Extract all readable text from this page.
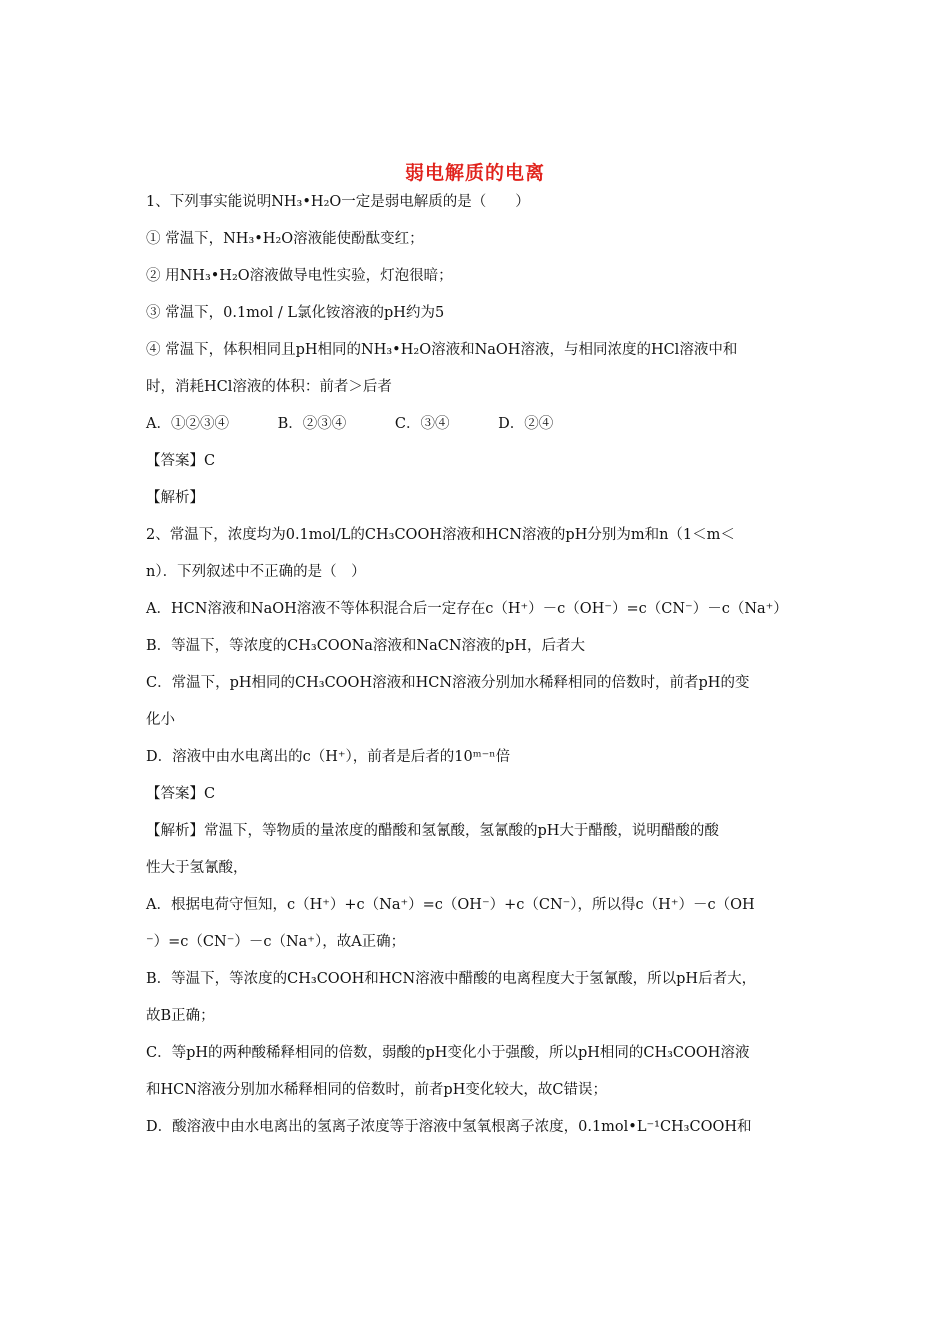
弱电解质的电离
1、下列事实能说明NH₃•H₂O一定是弱电解质的是（　　）
① 常温下，NH₃•H₂O溶液能使酚酞变红；
② 用NH₃•H₂O溶液做导电性实验，灯泡很暗；
③ 常温下，0.1mol / L氯化铵溶液的pH约为5
④ 常温下，体积相同且pH相同的NH₃•H₂O溶液和NaOH溶液，与相同浓度的HCl溶液中和
时，消耗HCl溶液的体积：前者＞后者
A．①②③④	B．②③④	C．③④	D．②④
【答案】C
【解析】
2、常温下，浓度均为0.1mol/L的CH₃COOH溶液和HCN溶液的pH分别为m和n（1＜m＜
n）．下列叙述中不正确的是（　）
A．HCN溶液和NaOH溶液不等体积混合后一定存在c（H⁺）－c（OH⁻）=c（CN⁻）－c（Na⁺）
B．等温下，等浓度的CH₃COONa溶液和NaCN溶液的pH，后者大
C．常温下，pH相同的CH₃COOH溶液和HCN溶液分别加水稀释相同的倍数时，前者pH的变
化小
D．溶液中由水电离出的c（H⁺），前者是后者的10ᵐ⁻ⁿ倍
【答案】C
【解析】常温下，等物质的量浓度的醋酸和氢氰酸，氢氰酸的pH大于醋酸，说明醋酸的酸
性大于氢氰酸，
A．根据电荷守恒知，c（H⁺）+c（Na⁺）=c（OH⁻）+c（CN⁻），所以得c（H⁺）－c（OH
⁻）=c（CN⁻）－c（Na⁺），故A正确；
B．等温下，等浓度的CH₃COOH和HCN溶液中醋酸的电离程度大于氢氰酸，所以pH后者大，
故B正确；
C．等pH的两种酸稀释相同的倍数，弱酸的pH变化小于强酸，所以pH相同的CH₃COOH溶液
和HCN溶液分别加水稀释相同的倍数时，前者pH变化较大，故C错误；
D．酸溶液中由水电离出的氢离子浓度等于溶液中氢氧根离子浓度，0.1mol•L⁻¹CH₃COOH和
